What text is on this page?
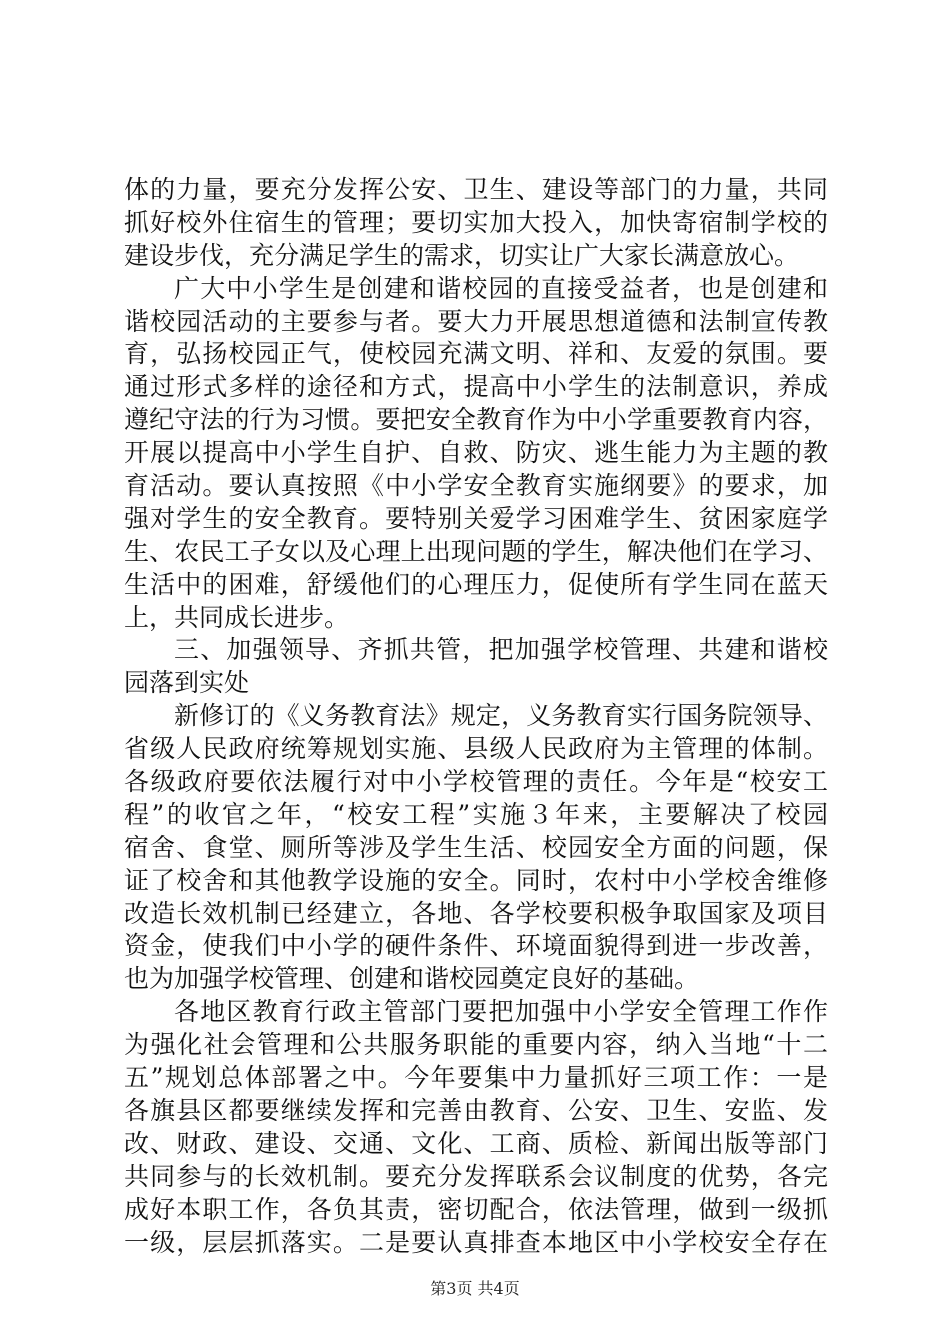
体的力量，要充分发挥公安、卫生、建设等部门的力量，共同
抓好校外住宿生的管理；要切实加大投入，加快寄宿制学校的
建设步伐，充分满足学生的需求，切实让广大家长满意放心。
广大中小学生是创建和谐校园的直接受益者，也是创建和
谐校园活动的主要参与者。要大力开展思想道德和法制宣传教
育，弘扬校园正气，使校园充满文明、祥和、友爱的氛围。要
通过形式多样的途径和方式，提高中小学生的法制意识，养成
遵纪守法的行为习惯。要把安全教育作为中小学重要教育内容，
开展以提高中小学生自护、自救、防灾、逃生能力为主题的教
育活动。要认真按照《中小学安全教育实施纲要》的要求，加
强对学生的安全教育。要特别关爱学习困难学生、贫困家庭学
生、农民工子女以及心理上出现问题的学生，解决他们在学习、
生活中的困难，舒缓他们的心理压力，促使所有学生同在蓝天
上，共同成长进步。
三、加强领导、齐抓共管，把加强学校管理、共建和谐校
园落到实处
新修订的《义务教育法》规定，义务教育实行国务院领导、
省级人民政府统筹规划实施、县级人民政府为主管理的体制。
各级政府要依法履行对中小学校管理的责任。今年是“校安工
程”的收官之年，“校安工程”实施３年来，主要解决了校园
宿舍、食堂、厕所等涉及学生生活、校园安全方面的问题，保
证了校舍和其他教学设施的安全。同时，农村中小学校舍维修
改造长效机制已经建立，各地、各学校要积极争取国家及项目
资金，使我们中小学的硬件条件、环境面貌得到进一步改善，
也为加强学校管理、创建和谐校园奠定良好的基础。
各地区教育行政主管部门要把加强中小学安全管理工作作
为强化社会管理和公共服务职能的重要内容，纳入当地“十二
五”规划总体部署之中。今年要集中力量抓好三项工作：一是
各旗县区都要继续发挥和完善由教育、公安、卫生、安监、发
改、财政、建设、交通、文化、工商、质检、新闻出版等部门
共同参与的长效机制。要充分发挥联系会议制度的优势，各完
成好本职工作，各负其责，密切配合，依法管理，做到一级抓
一级，层层抓落实。二是要认真排查本地区中小学校安全存在
第3页 共4页
